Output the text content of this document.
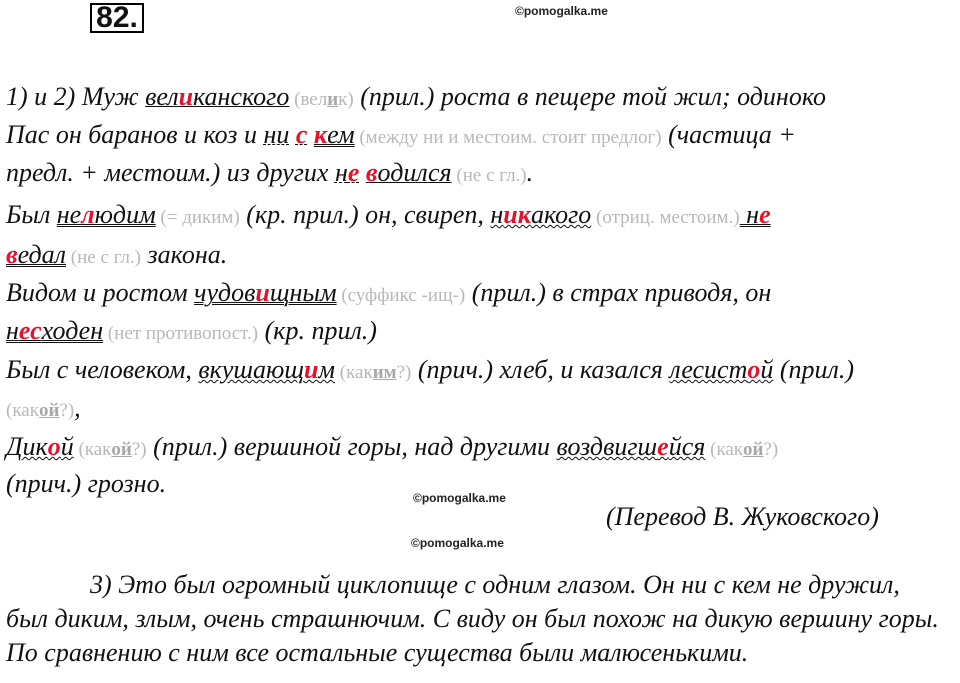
82.	©pomogalka.me
©pomogalka.me
©pomogalka.me
1) и 2) Муж великанского (велик) (прил.) роста в пещере той жил; одиноко
Пас он баранов и коз и ни с кем (между ни и местоим. стоит предлог) (частица +
предл. + местоим.) из других не водился (не с гл.).
Был нелюдим (= диким) (кр. прил.) он, свиреп, никакого (отриц. местоим.) не
ведал (не с гл.) закона.
Видом и ростом чудовищным (суффикс -ищ-) (прил.) в страх приводя, он
несходен (нет противопост.) (кр. прил.)
Был с человеком, вкушающим (каким?) (прич.) хлеб, и казался лесистой (прил.)
(какой?),
Дикой (какой?) (прил.) вершиной горы, над другими воздвигшейся (какой?)
(прич.) грозно.
(Перевод В. Жуковского)
3) Это был огромный циклопище с одним глазом. Он ни с кем не дружил, был диким, злым, очень страшнючим. С виду он был похож на дикую вершину горы. По сравнению с ним все остальные существа были малюсенькими.
